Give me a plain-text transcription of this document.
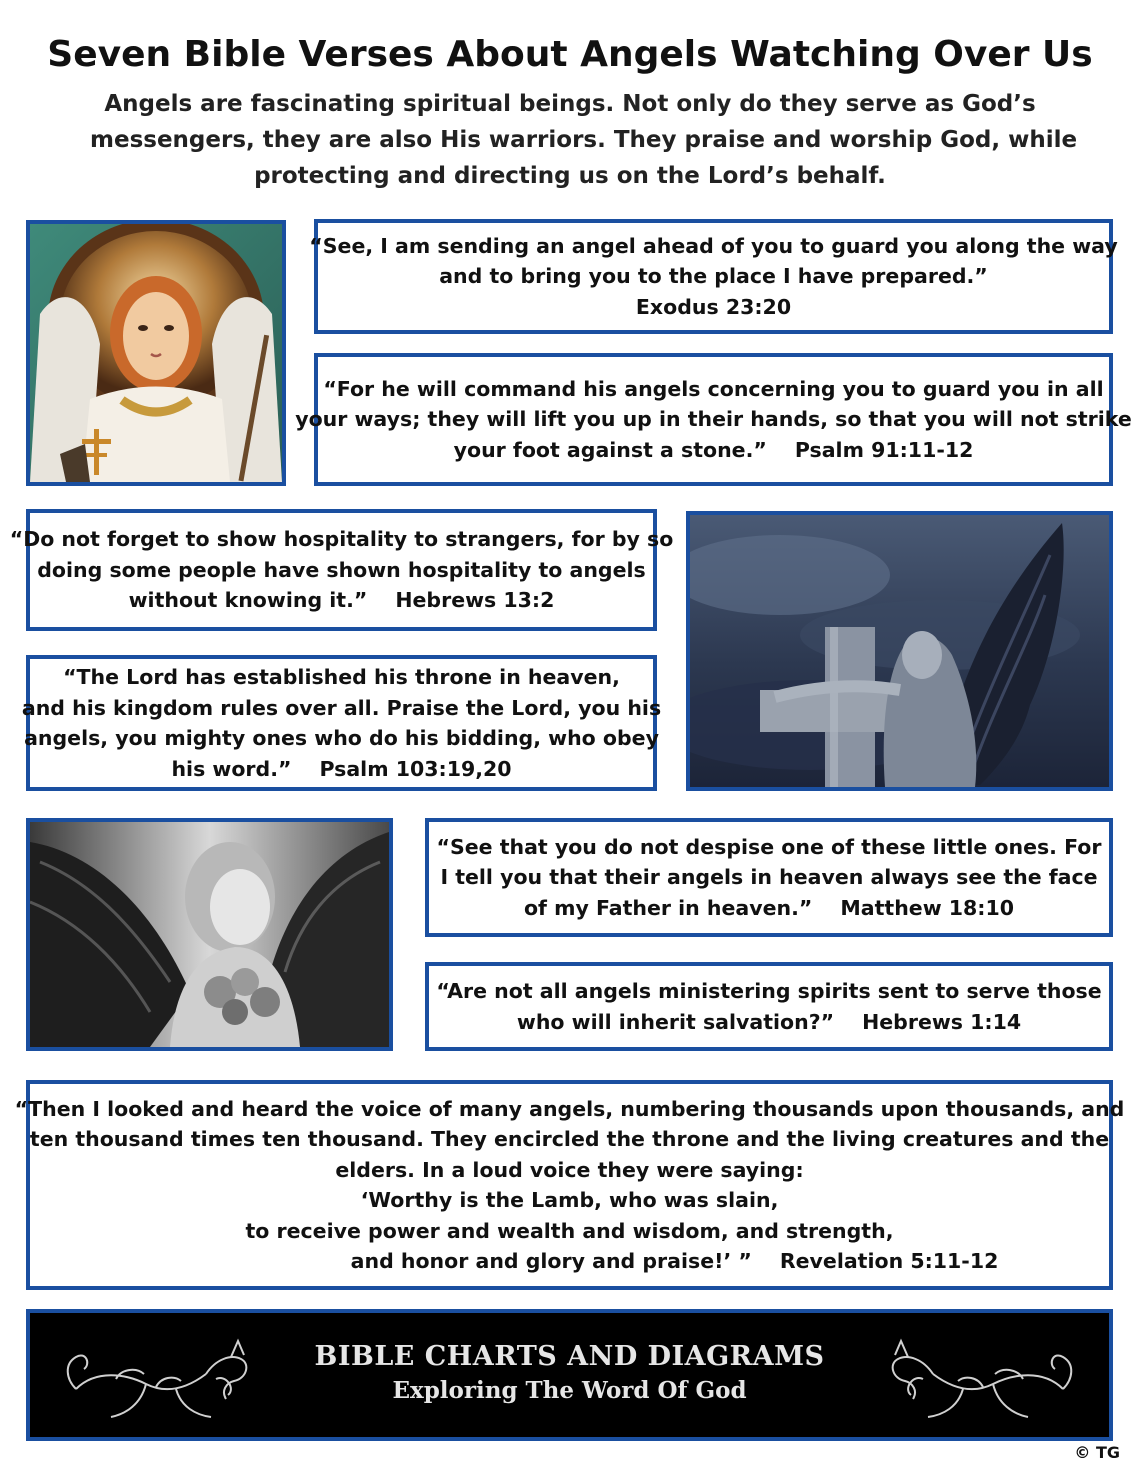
Seven Bible Verses About Angels Watching Over Us
Angels are fascinating spiritual beings. Not only do they serve as God’s
messengers, they are also His warriors. They praise and worship God, while
protecting and directing us on the Lord’s behalf.
“See, I am sending an angel ahead of you to guard you along the way
and to bring you to the place I have prepared.”
Exodus 23:20
“For he will command his angels concerning you to guard you in all
your ways; they will lift you up in their hands, so that you will not strike
your foot against a stone.” Psalm 91:11-12
“Do not forget to show hospitality to strangers, for by so
doing some people have shown hospitality to angels
without knowing it.” Hebrews 13:2
“The Lord has established his throne in heaven,
and his kingdom rules over all. Praise the Lord, you his
angels, you mighty ones who do his bidding, who obey
his word.” Psalm 103:19,20
“See that you do not despise one of these little ones. For
I tell you that their angels in heaven always see the face
of my Father in heaven.” Matthew 18:10
“Are not all angels ministering spirits sent to serve those
who will inherit salvation?” Hebrews 1:14
“Then I looked and heard the voice of many angels, numbering thousands upon thousands, and
ten thousand times ten thousand. They encircled the throne and the living creatures and the
elders. In a loud voice they were saying:
‘Worthy is the Lamb, who was slain,
to receive power and wealth and wisdom, and strength,
and honor and glory and praise!’ ” Revelation 5:11-12
BIBLE CHARTS AND DIAGRAMS
Exploring The Word Of God
© TG
